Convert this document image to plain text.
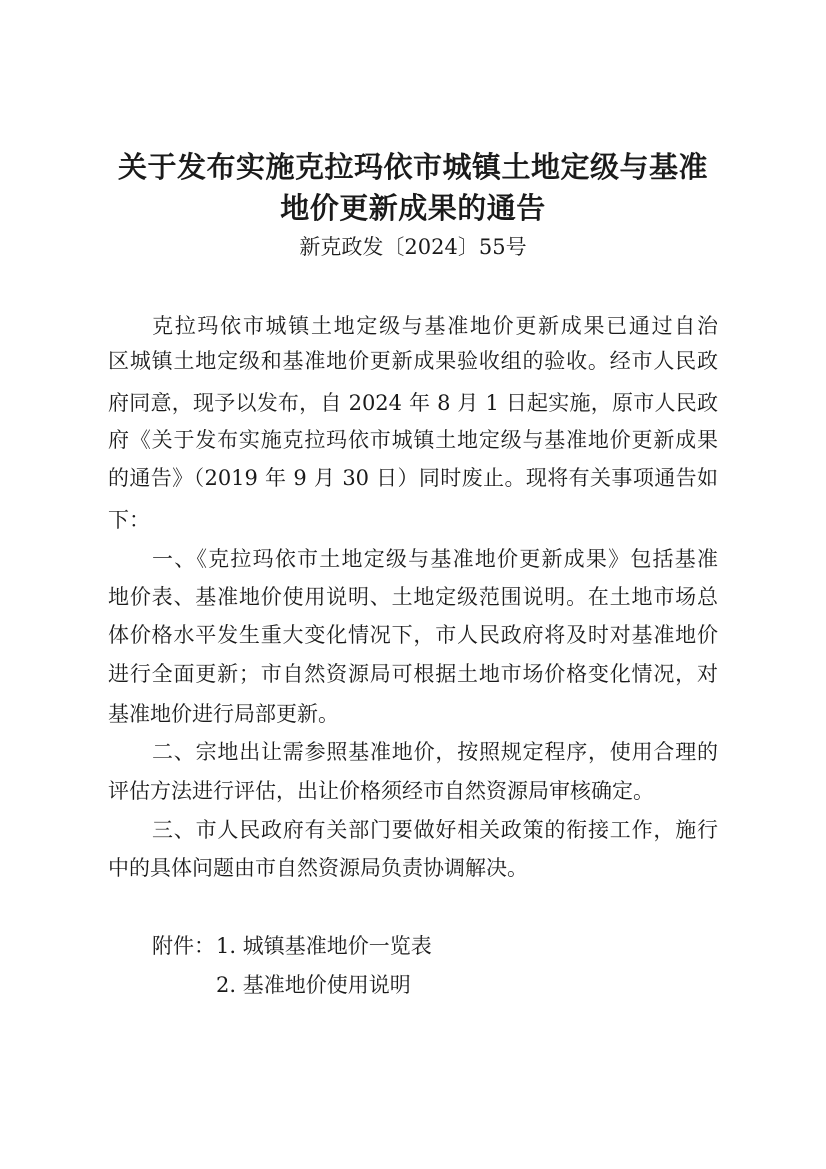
关于发布实施克拉玛依市城镇土地定级与基准
地价更新成果的通告
新克政发〔2024〕55号
克拉玛依市城镇土地定级与基准地价更新成果已通过自治
区城镇土地定级和基准地价更新成果验收组的验收。经市人民政
府同意，现予以发布，自 2024 年 8 月 1 日起实施，原市人民政
府《关于发布实施克拉玛依市城镇土地定级与基准地价更新成果
的通告》（2019 年 9 月 30 日）同时废止。现将有关事项通告如
下：
一、《克拉玛依市土地定级与基准地价更新成果》包括基准
地价表、基准地价使用说明、土地定级范围说明。在土地市场总
体价格水平发生重大变化情况下，市人民政府将及时对基准地价
进行全面更新；市自然资源局可根据土地市场价格变化情况，对
基准地价进行局部更新。
二、宗地出让需参照基准地价，按照规定程序，使用合理的
评估方法进行评估，出让价格须经市自然资源局审核确定。
三、市人民政府有关部门要做好相关政策的衔接工作，施行
中的具体问题由市自然资源局负责协调解决。
附件： 1. 城镇基准地价一览表
2. 基准地价使用说明
